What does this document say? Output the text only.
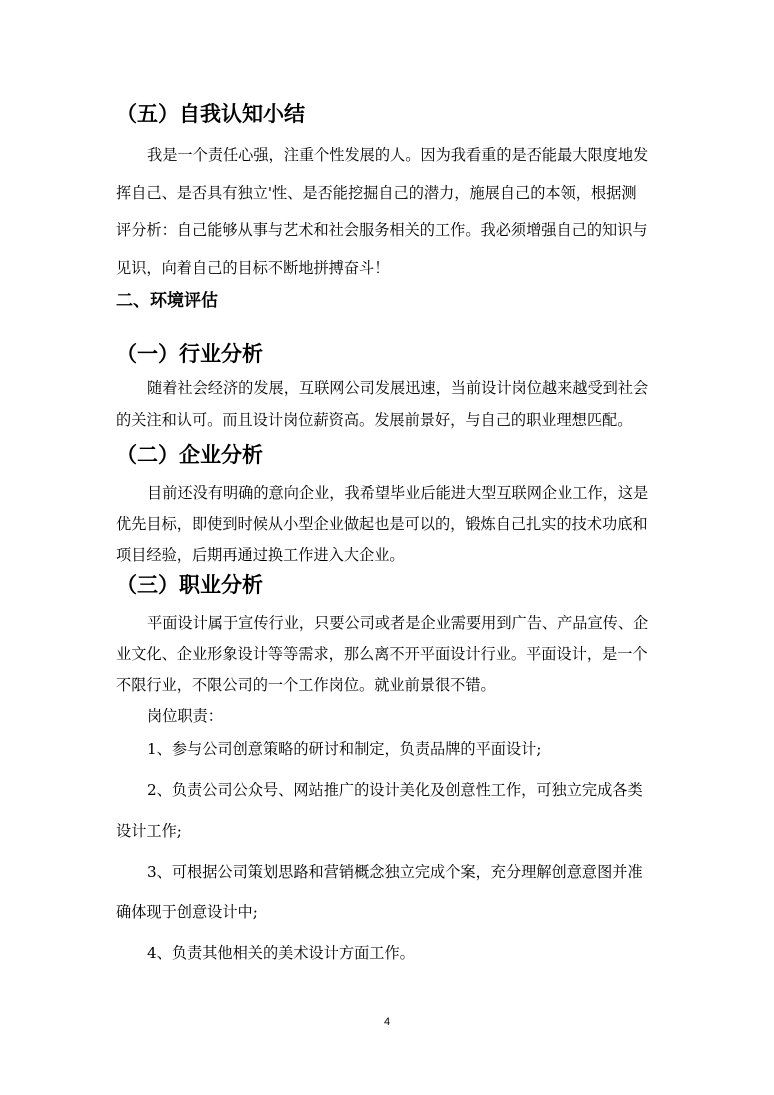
（五）自我认知小结
我是一个责任心强，注重个性发展的人。因为我看重的是否能最大限度地发
挥自己、是否具有独立'性、是否能挖掘自己的潜力，施展自己的本领，根据测
评分析：自己能够从事与艺术和社会服务相关的工作。我必须增强自己的知识与
见识，向着自己的目标不断地拼搏奋斗！
二、环境评估
（一）行业分析
随着社会经济的发展，互联网公司发展迅速，当前设计岗位越来越受到社会
的关注和认可。而且设计岗位薪资高。发展前景好，与自己的职业理想匹配。
（二）企业分析
目前还没有明确的意向企业，我希望毕业后能进大型互联网企业工作，这是
优先目标，即使到时候从小型企业做起也是可以的，锻炼自己扎实的技术功底和
项目经验，后期再通过换工作进入大企业。
（三）职业分析
平面设计属于宣传行业，只要公司或者是企业需要用到广告、产品宣传、企
业文化、企业形象设计等等需求，那么离不开平面设计行业。平面设计，是一个
不限行业，不限公司的一个工作岗位。就业前景很不错。
岗位职责：
1、参与公司创意策略的研讨和制定，负责品牌的平面设计;
2、负责公司公众号、网站推广的设计美化及创意性工作，可独立完成各类
设计工作;
3、可根据公司策划思路和营销概念独立完成个案，充分理解创意意图并准
确体现于创意设计中;
4、负责其他相关的美术设计方面工作。
4
